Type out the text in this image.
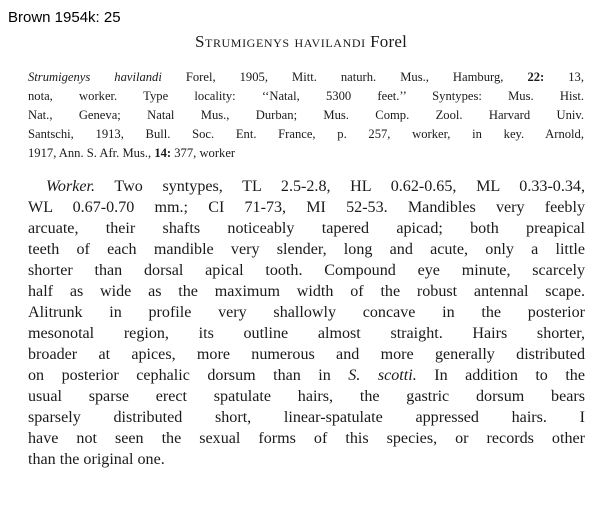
Brown 1954k: 25
Strumigenys havilandi Forel
Strumigenys havilandi Forel, 1905, Mitt. naturh. Mus., Hamburg, 22: 13,
nota, worker. Type locality: ‘‘Natal, 5300 feet.’’ Syntypes: Mus. Hist.
Nat., Geneva; Natal Mus., Durban; Mus. Comp. Zool. Harvard Univ.
Santschi, 1913, Bull. Soc. Ent. France, p. 257, worker, in key. Arnold,
1917, Ann. S. Afr. Mus., 14: 377, worker
Worker. Two syntypes, TL 2.5-2.8, HL 0.62-0.65, ML 0.33-0.34,
WL 0.67-0.70 mm.; CI 71-73, MI 52-53. Mandibles very feebly
arcuate, their shafts noticeably tapered apicad; both preapical
teeth of each mandible very slender, long and acute, only a little
shorter than dorsal apical tooth. Compound eye minute, scarcely
half as wide as the maximum width of the robust antennal scape.
Alitrunk in profile very shallowly concave in the posterior
mesonotal region, its outline almost straight. Hairs shorter,
broader at apices, more numerous and more generally distributed
on posterior cephalic dorsum than in S. scotti. In addition to the
usual sparse erect spatulate hairs, the gastric dorsum bears
sparsely distributed short, linear-spatulate appressed hairs. I
have not seen the sexual forms of this species, or records other
than the original one.
